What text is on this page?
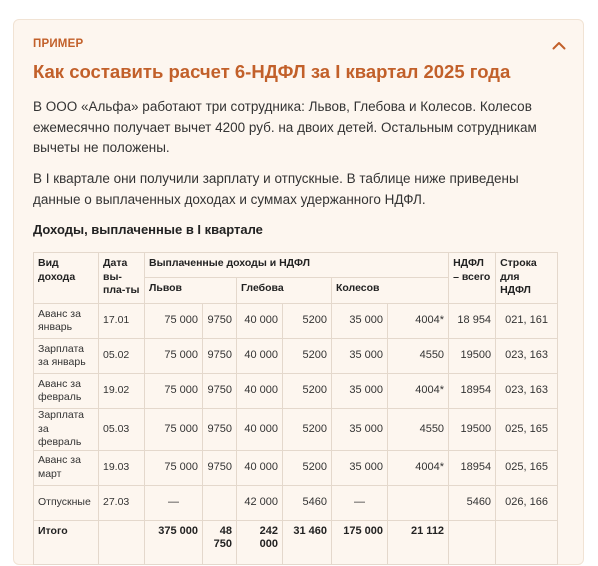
ПРИМЕР
Как составить расчет 6-НДФЛ за I квартал 2025 года
В ООО «Альфа» работают три сотрудника: Львов, Глебова и Колесов. Колесов ежемесячно получает вычет 4200 руб. на двоих детей. Остальным сотрудникам вычеты не положены.
В I квартале они получили зарплату и отпускные. В таблице ниже приведены данные о выплаченных доходах и суммах удержанного НДФЛ.
Доходы, выплаченные в I квартале
Вид дохода	Дата вы-пла-ты	Выплаченные доходы и НДФЛ						НДФЛ – всего	Строка для НДФЛ
		Львов		Глебова		Колесов			
Аванс за январь	17.01	75 000	9750	40 000	5200	35 000	4004*	18 954	021, 161
Зарплата за январь	05.02	75 000	9750	40 000	5200	35 000	4550	19500	023, 163
Аванс за февраль	19.02	75 000	9750	40 000	5200	35 000	4004*	18954	023, 163
Зарплата за февраль	05.03	75 000	9750	40 000	5200	35 000	4550	19500	025, 165
Аванс за март	19.03	75 000	9750	40 000	5200	35 000	4004*	18954	025, 165
Отпускные	27.03	—		42 000	5460	—		5460	026, 166
Итого		375 000	48 750	242 000	31 460	175 000	21 112		
